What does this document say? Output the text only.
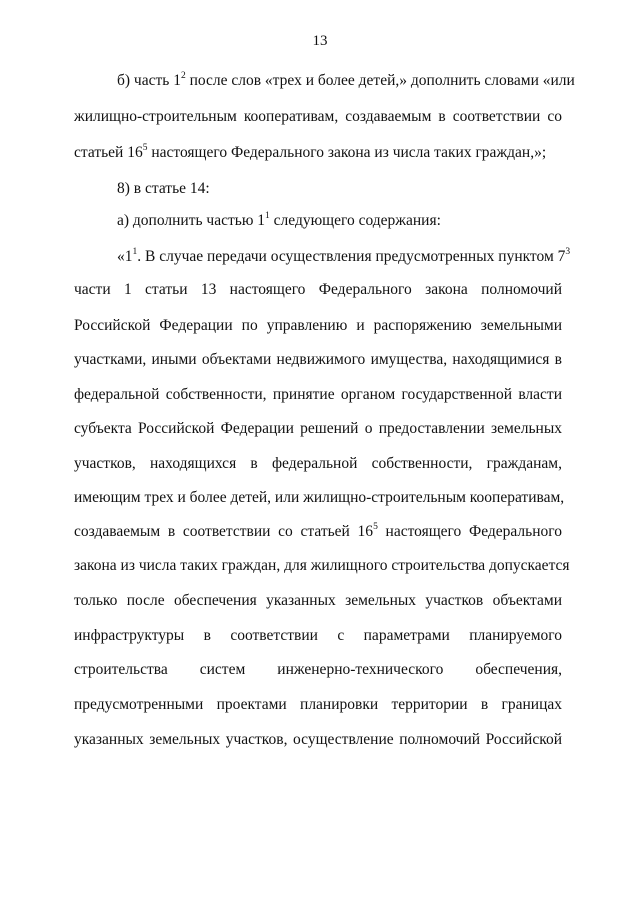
13

б) часть $1^2$ после слов «трех и более детей,» дополнить словами «или

жилищно-строительным кооперативам, создаваемым в соответствии со

статьей $16^5$ настоящего Федерального закона из числа таких граждан,»;

8) в статье 14:

а) дополнить частью $1^1$ следующего содержания:

«$1^1$. В случае передачи осуществления предусмотренных пунктом $7^3$

части 1 статьи 13 настоящего Федерального закона полномочий

Российской Федерации по управлению и распоряжению земельными

участками, иными объектами недвижимого имущества, находящимися в

федеральной собственности, принятие органом государственной власти

субъекта Российской Федерации решений о предоставлении земельных

участков, находящихся в федеральной собственности, гражданам,

имеющим трех и более детей, или жилищно-строительным кооперативам,

создаваемым в соответствии со статьей $16^5$ настоящего Федерального

закона из числа таких граждан, для жилищного строительства допускается

только после обеспечения указанных земельных участков объектами

инфраструктуры в соответствии с параметрами планируемого

строительства систем инженерно-технического обеспечения,

предусмотренными проектами планировки территории в границах

указанных земельных участков, осуществление полномочий Российской
